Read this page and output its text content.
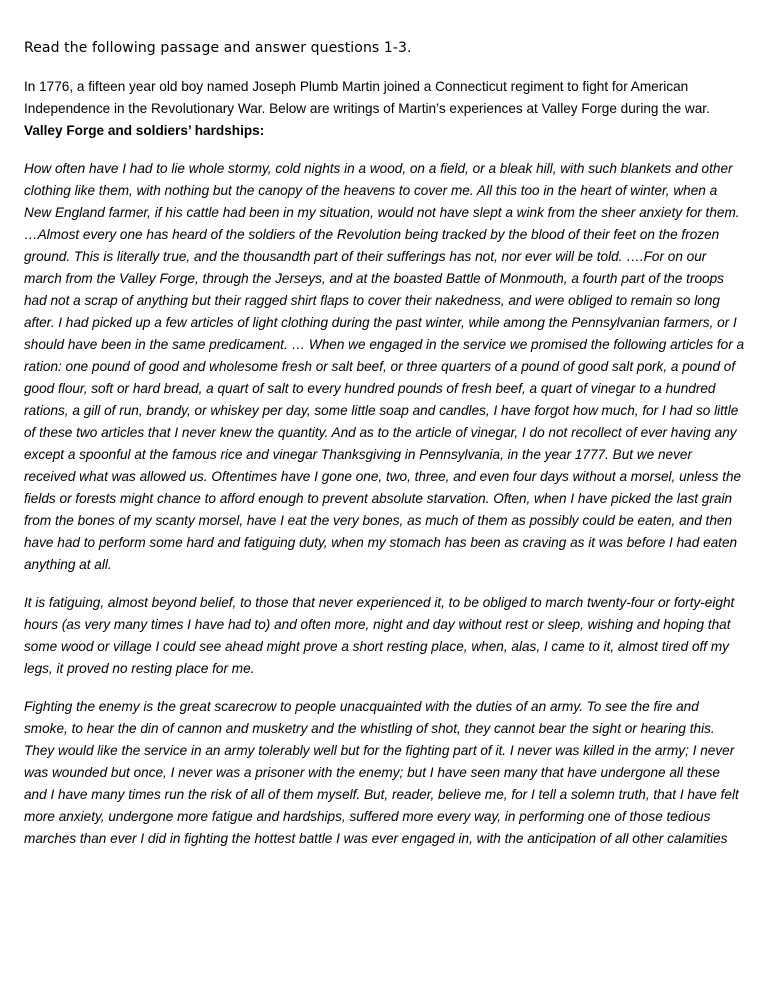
Read the following passage and answer questions 1-3.

In 1776, a fifteen year old boy named Joseph Plumb Martin joined a Connecticut regiment to fight for American Independence in the Revolutionary War. Below are writings of Martin’s experiences at Valley Forge during the war.

Valley Forge and soldiers’ hardships:

How often have I had to lie whole stormy, cold nights in a wood, on a field, or a bleak hill, with such blankets and other clothing like them, with nothing but the canopy of the heavens to cover me. All this too in the heart of winter, when a New England farmer, if his cattle had been in my situation, would not have slept a wink from the sheer anxiety for them. …Almost every one has heard of the soldiers of the Revolution being tracked by the blood of their feet on the frozen ground. This is literally true, and the thousandth part of their sufferings has not, nor ever will be told. ….For on our march from the Valley Forge, through the Jerseys, and at the boasted Battle of Monmouth, a fourth part of the troops had not a scrap of anything but their ragged shirt flaps to cover their nakedness, and were obliged to remain so long after. I had picked up a few articles of light clothing during the past winter, while among the Pennsylvanian farmers, or I should have been in the same predicament. … When we engaged in the service we promised the following articles for a ration: one pound of good and wholesome fresh or salt beef, or three quarters of a pound of good salt pork, a pound of good flour, soft or hard bread, a quart of salt to every hundred pounds of fresh beef, a quart of vinegar to a hundred rations, a gill of run, brandy, or whiskey per day, some little soap and candles, I have forgot how much, for I had so little of these two articles that I never knew the quantity. And as to the article of vinegar, I do not recollect of ever having any except a spoonful at the famous rice and vinegar Thanksgiving in Pennsylvania, in the year 1777. But we never received what was allowed us. Oftentimes have I gone one, two, three, and even four days without a morsel, unless the fields or forests might chance to afford enough to prevent absolute starvation. Often, when I have picked the last grain from the bones of my scanty morsel, have I eat the very bones, as much of them as possibly could be eaten, and then have had to perform some hard and fatiguing duty, when my stomach has been as craving as it was before I had eaten anything at all.

It is fatiguing, almost beyond belief, to those that never experienced it, to be obliged to march twenty-four or forty-eight hours (as very many times I have had to) and often more, night and day without rest or sleep, wishing and hoping that some wood or village I could see ahead might prove a short resting place, when, alas, I came to it, almost tired off my legs, it proved no resting place for me.

Fighting the enemy is the great scarecrow to people unacquainted with the duties of an army. To see the fire and smoke, to hear the din of cannon and musketry and the whistling of shot, they cannot bear the sight or hearing this. They would like the service in an army tolerably well but for the fighting part of it. I never was killed in the army; I never was wounded but once, I never was a prisoner with the enemy; but I have seen many that have undergone all these and I have many times run the risk of all of them myself. But, reader, believe me, for I tell a solemn truth, that I have felt more anxiety, undergone more fatigue and hardships, suffered more every way, in performing one of those tedious marches than ever I did in fighting the hottest battle I was ever engaged in, with the anticipation of all other calamities
